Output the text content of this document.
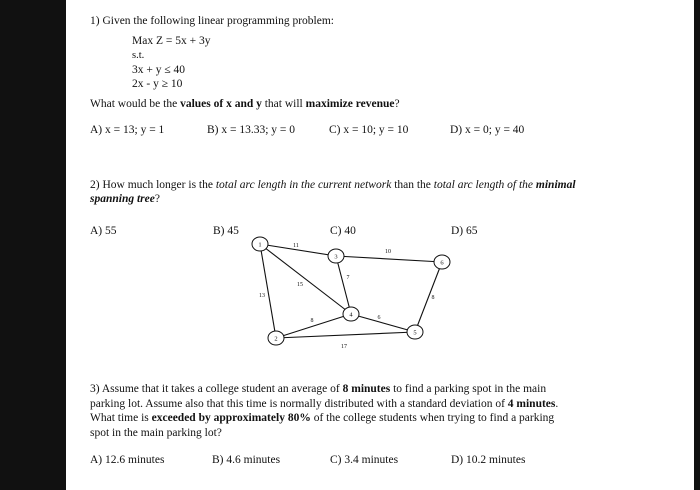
1) Given the following linear programming problem:
Max Z = 5x + 3y
s.t.
3x + y ≤ 40
2x - y ≥ 10
What would be the values of x and y that will maximize revenue?
A) x = 13; y = 1	B) x = 13.33; y = 0	C) x = 10; y = 10	D) x = 0; y = 40
2) How much longer is the total arc length in the current network than the total arc length of the minimal
spanning tree?
A) 55	B) 45	C) 40	D) 65
11
13
15
10
7
8	6
17
8
1
2
3
4
5
6
3) Assume that it takes a college student an average of 8 minutes to find a parking spot in the main
parking lot. Assume also that this time is normally distributed with a standard deviation of 4 minutes.
What time is exceeded by approximately 80% of the college students when trying to find a parking
spot in the main parking lot?
A) 12.6 minutes	B) 4.6 minutes	C) 3.4 minutes	D) 10.2 minutes
